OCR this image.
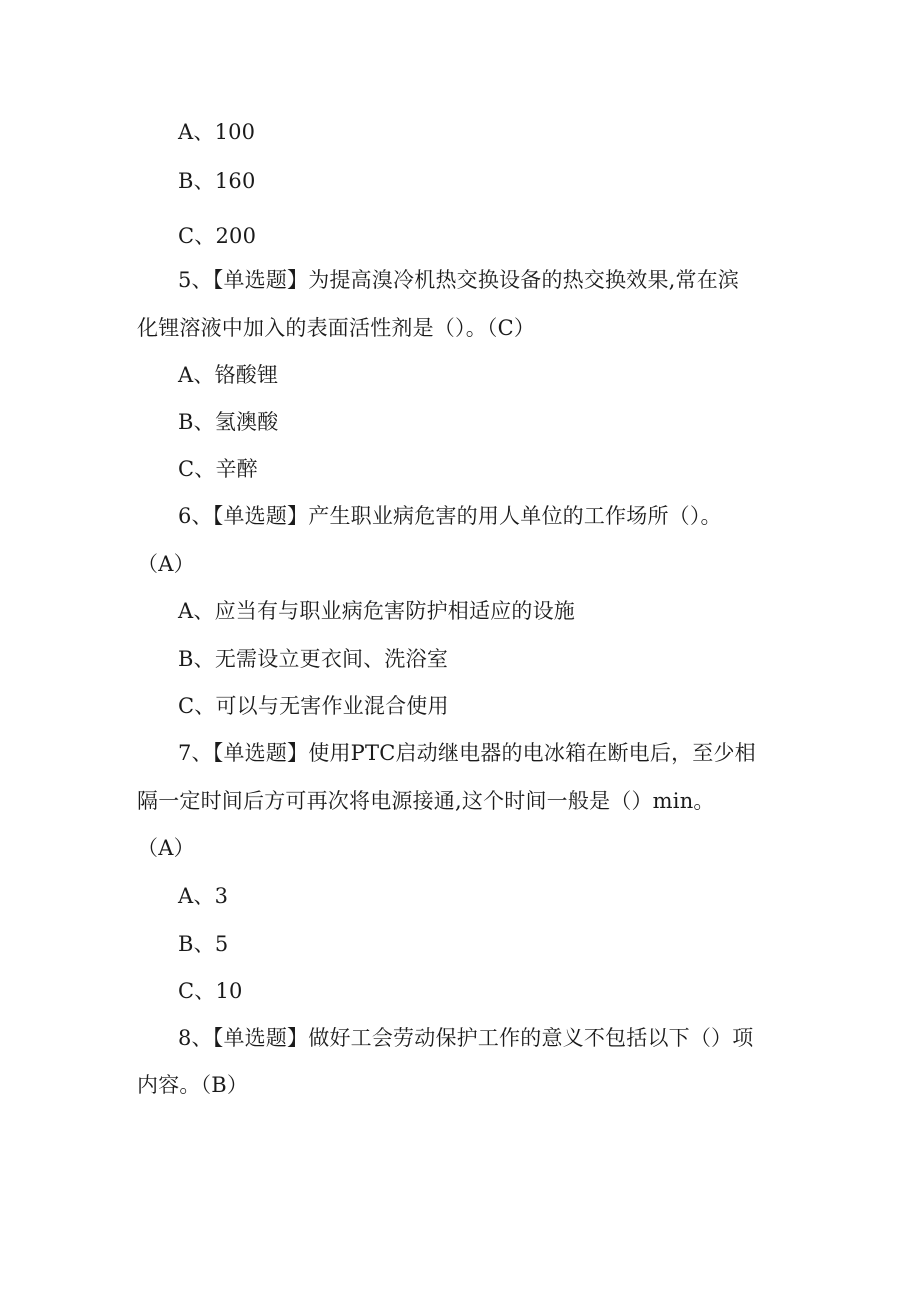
A、100
B、160
C、200
5、【单选题】为提高溴冷机热交换设备的热交换效果,常在滨
化锂溶液中加入的表面活性剂是（）。（C）
A、铬酸锂
B、氢澳酸
C、辛醉
6、【单选题】产生职业病危害的用人单位的工作场所（）。
（A）
A、应当有与职业病危害防护相适应的设施
B、无需设立更衣间、洗浴室
C、可以与无害作业混合使用
7、【单选题】使用PTC启动继电器的电冰箱在断电后，至少相
隔一定时间后方可再次将电源接通,这个时间一般是（）min。
（A）
A、3
B、5
C、10
8、【单选题】做好工会劳动保护工作的意义不包括以下（）项
内容。（B）
